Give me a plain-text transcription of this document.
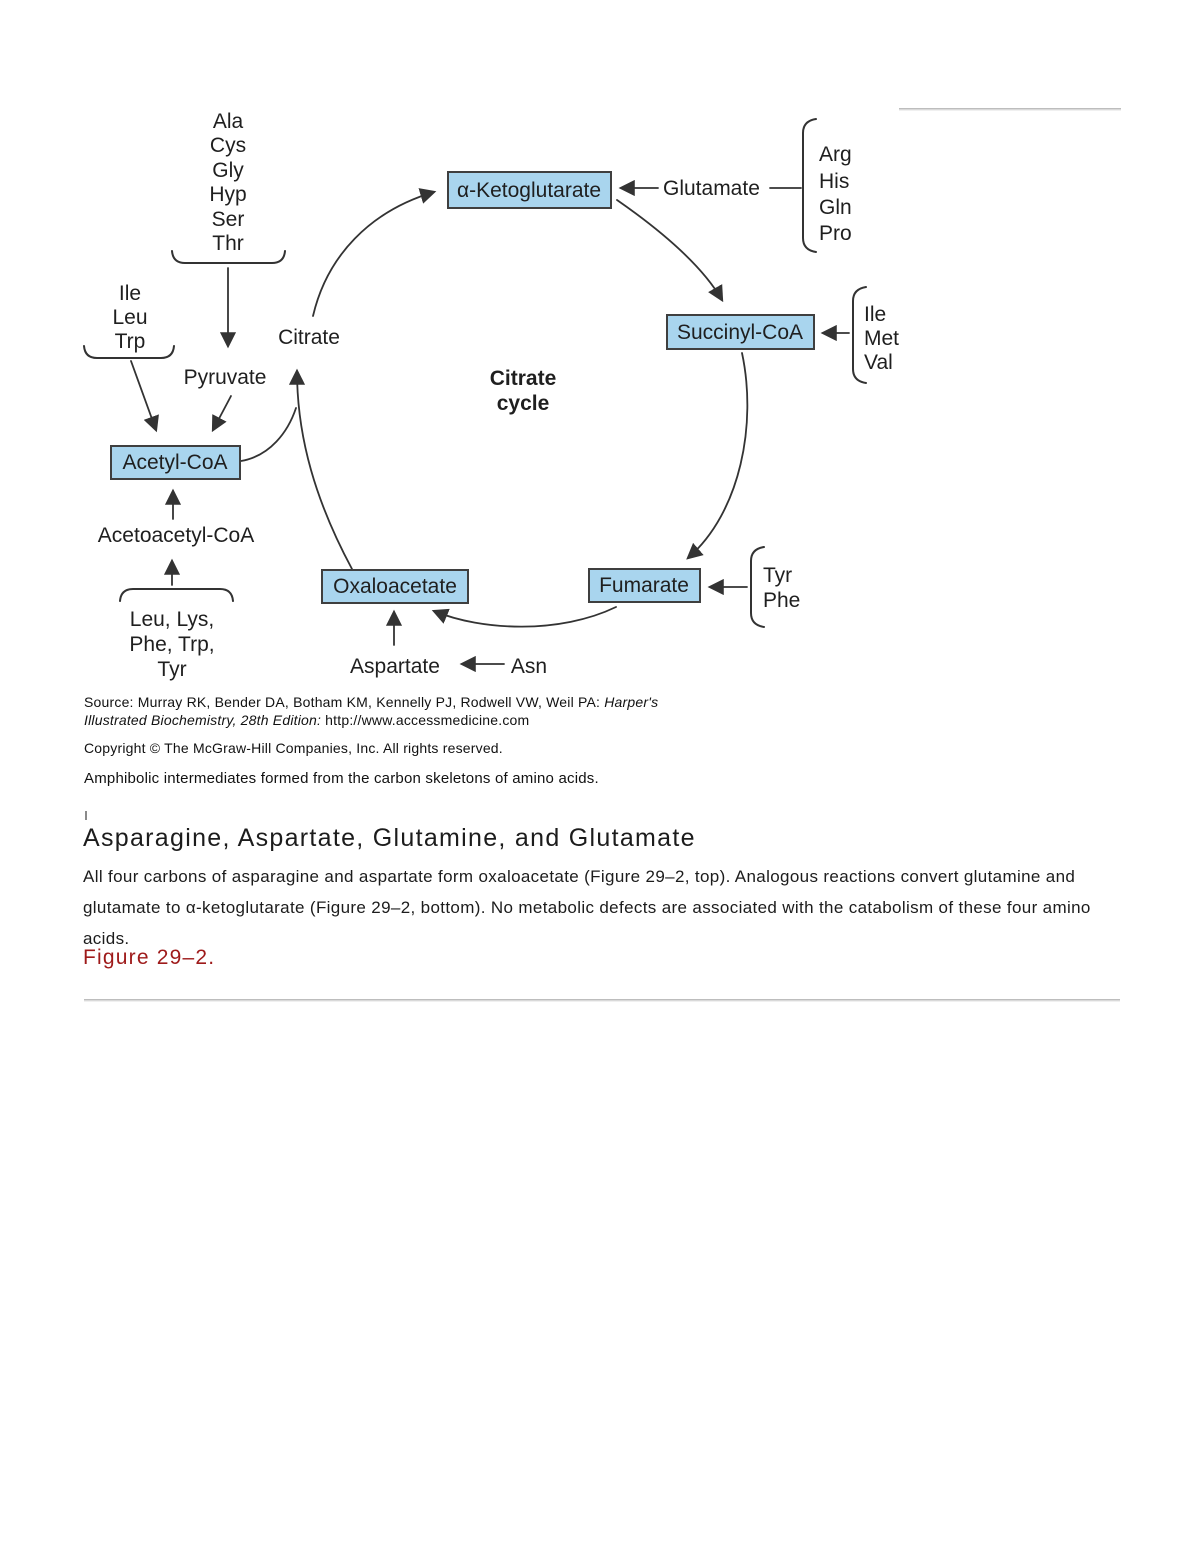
α-Ketoglutarate
Succinyl-CoA
Fumarate
Oxaloacetate
Acetyl-CoA
Citrate
cycle
Citrate
Pyruvate
Glutamate
Acetoacetyl-CoA
Aspartate	Asn
Ala
Cys
Gly
Hyp
Ser
Thr
Ile
Leu
Trp
Arg
His
Gln
Pro
Ile
Met
Val
Tyr
Phe
Leu, Lys,
Phe, Trp,
Tyr

Source: Murray RK, Bender DA, Botham KM, Kennelly PJ, Rodwell VW, Weil PA: Harper's
Illustrated Biochemistry, 28th Edition: http://www.accessmedicine.com

Copyright © The McGraw-Hill Companies, Inc. All rights reserved.

Amphibolic intermediates formed from the carbon skeletons of amino acids.

Asparagine, Aspartate, Glutamine, and Glutamate

All four carbons of asparagine and aspartate form oxaloacetate (Figure 29–2, top). Analogous reactions convert glutamine and glutamate to α-ketoglutarate (Figure 29–2, bottom). No metabolic defects are associated with the catabolism of these four amino acids.

Figure 29–2.
